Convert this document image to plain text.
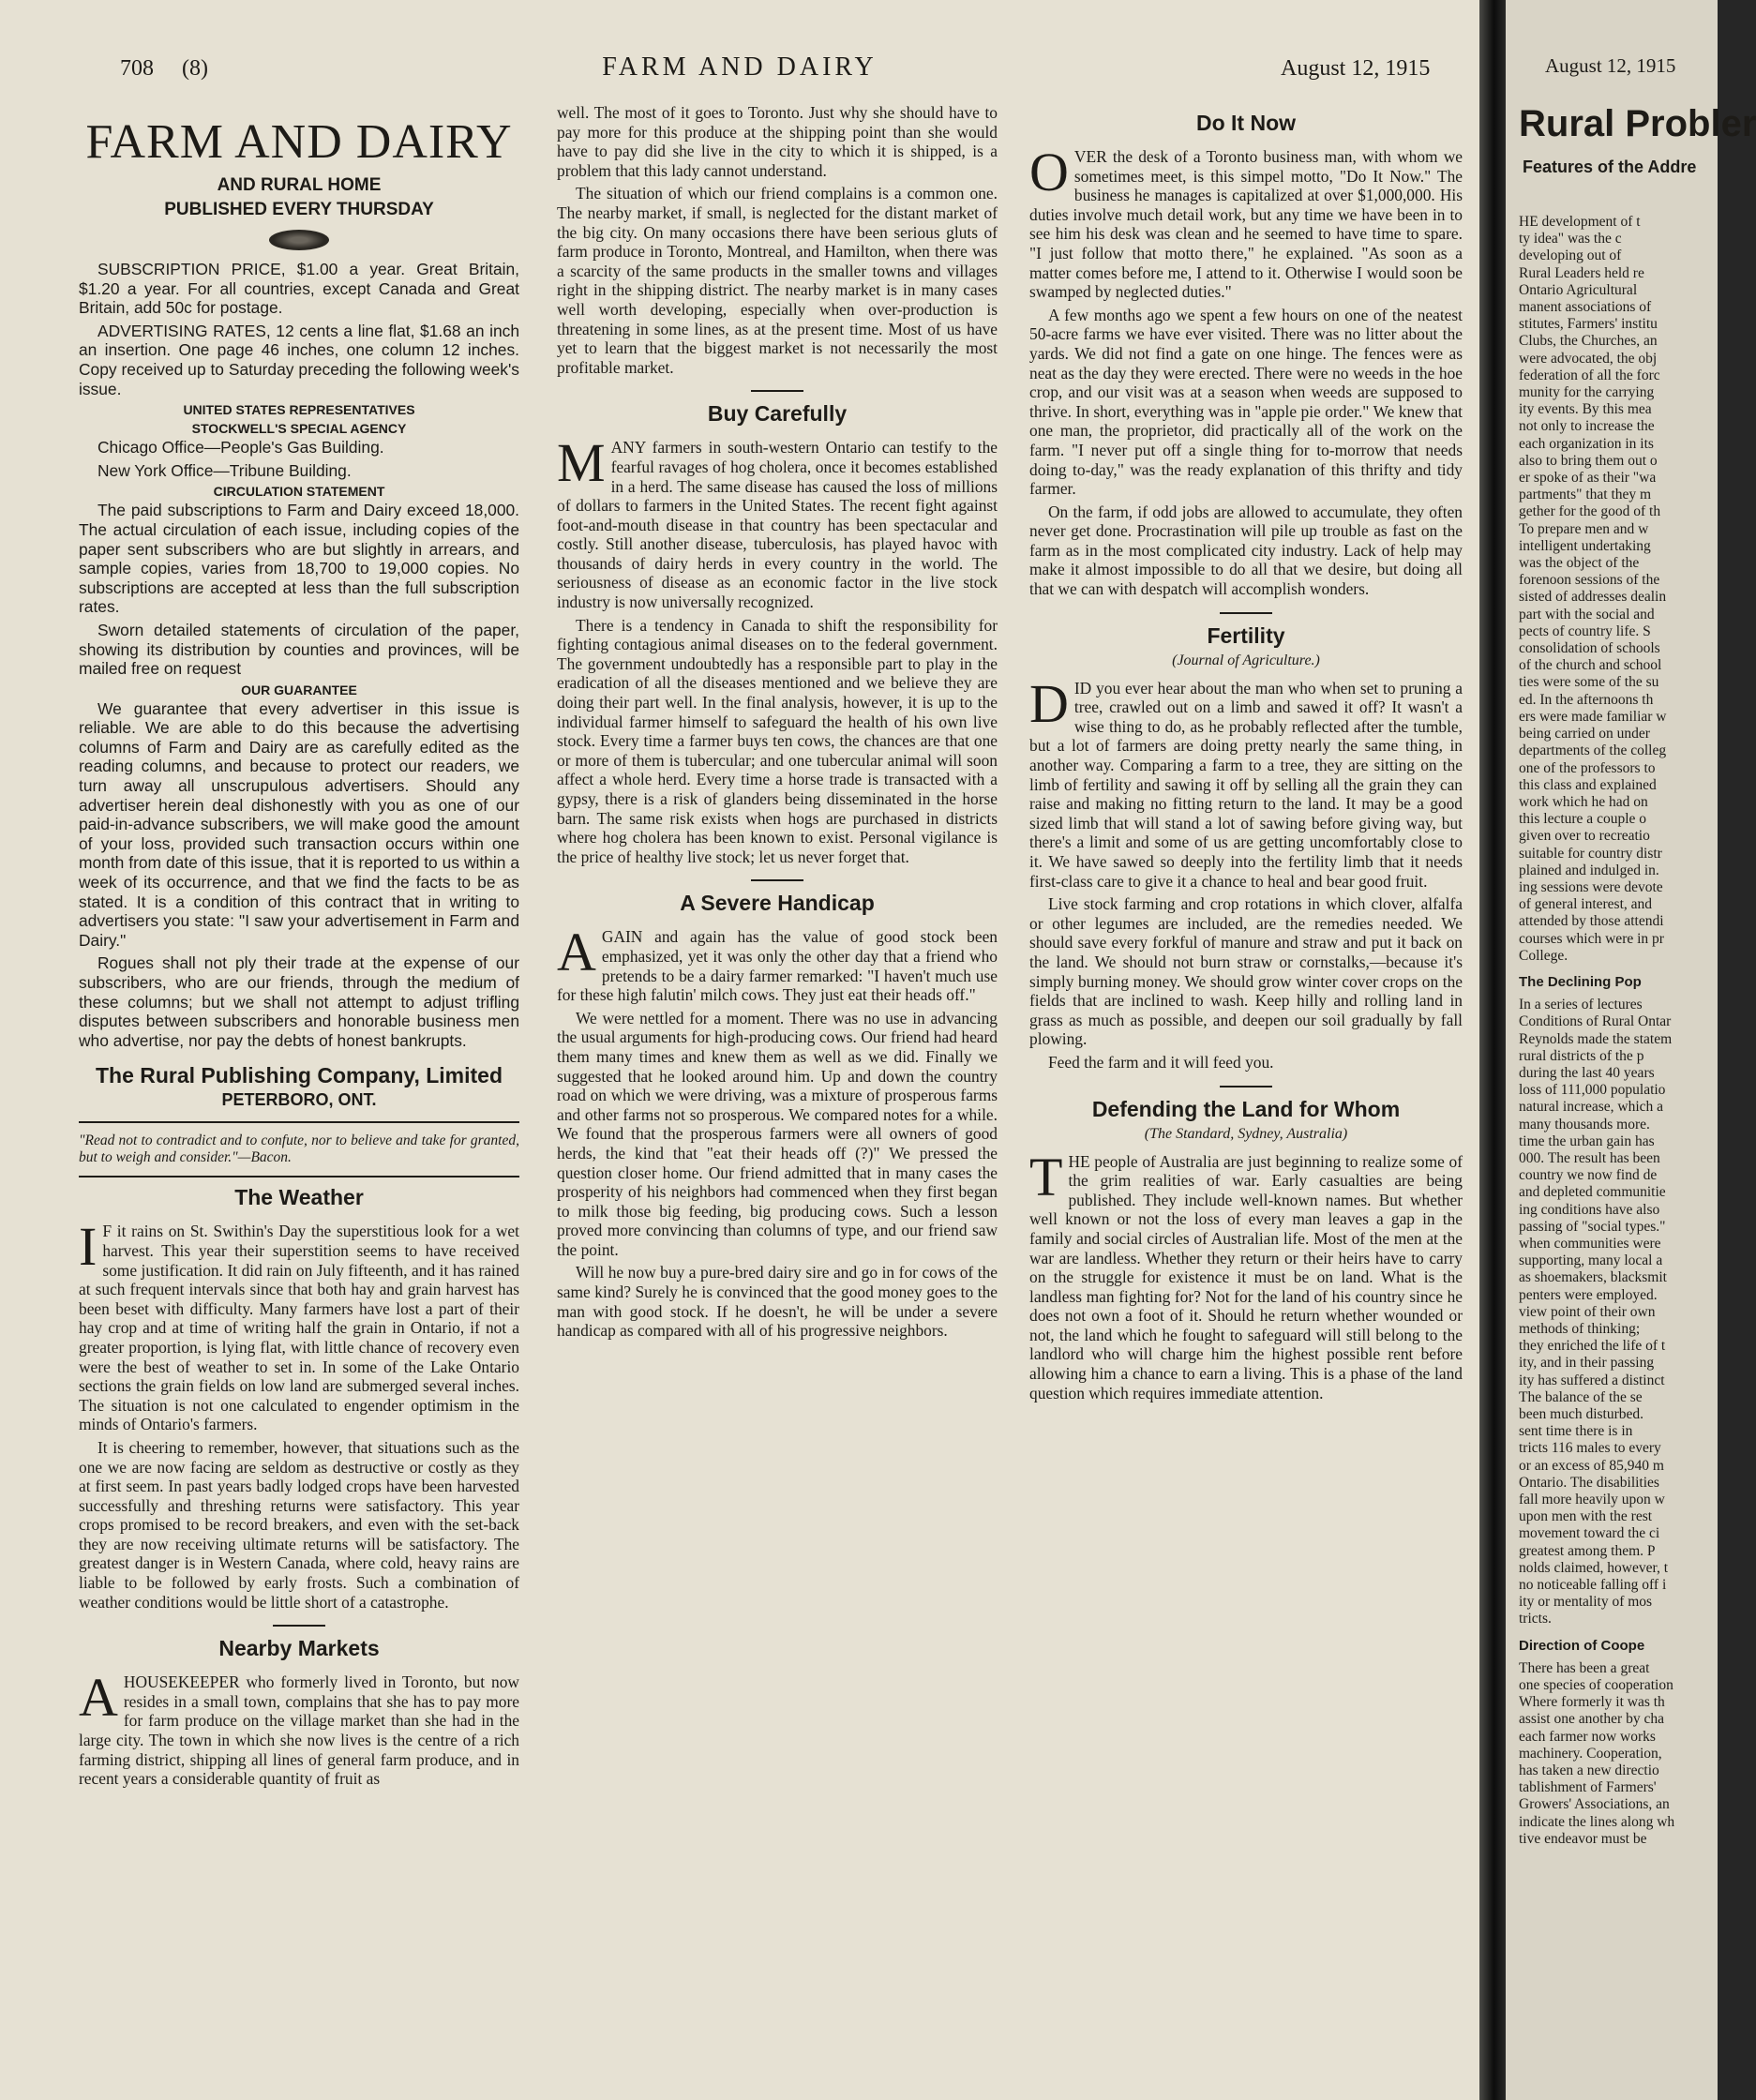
708 (8)	FARM AND DAIRY	August 12, 1915
FARM AND DAIRY
AND RURAL HOME
PUBLISHED EVERY THURSDAY

SUBSCRIPTION PRICE, $1.00 a year. Great Britain, $1.20 a year. For all countries, except Canada and Great Britain, add 50c for postage.

ADVERTISING RATES, 12 cents a line flat, $1.68 an inch an insertion. One page 46 inches, one column 12 inches. Copy received up to Saturday preceding the following week's issue.

UNITED STATES REPRESENTATIVES
STOCKWELL'S SPECIAL AGENCY

Chicago Office—People's Gas Building.

New York Office—Tribune Building.

CIRCULATION STATEMENT

The paid subscriptions to Farm and Dairy exceed 18,000. The actual circulation of each issue, including copies of the paper sent subscribers who are but slightly in arrears, and sample copies, varies from 18,700 to 19,000 copies. No subscriptions are accepted at less than the full subscription rates.

Sworn detailed statements of circulation of the paper, showing its distribution by counties and provinces, will be mailed free on request

OUR GUARANTEE

We guarantee that every advertiser in this issue is reliable. We are able to do this because the advertising columns of Farm and Dairy are as carefully edited as the reading columns, and because to protect our readers, we turn away all unscrupulous advertisers. Should any advertiser herein deal dishonestly with you as one of our paid-in-advance subscribers, we will make good the amount of your loss, provided such transaction occurs within one month from date of this issue, that it is reported to us within a week of its occurrence, and that we find the facts to be as stated. It is a condition of this contract that in writing to advertisers you state: "I saw your advertisement in Farm and Dairy."

Rogues shall not ply their trade at the expense of our subscribers, who are our friends, through the medium of these columns; but we shall not attempt to adjust trifling disputes between subscribers and honorable business men who advertise, nor pay the debts of honest bankrupts.

The Rural Publishing Company, Limited
PETERBORO, ONT.
"Read not to contradict and to confute, nor to believe and take for granted, but to weigh and consider."—Bacon.
The Weather

I F it rains on St. Swithin's Day the superstitious look for a wet harvest. This year their superstition seems to have received some justification. It did rain on July fifteenth, and it has rained at such frequent intervals since that both hay and grain harvest has been beset with difficulty. Many farmers have lost a part of their hay crop and at time of writing half the grain in Ontario, if not a greater proportion, is lying flat, with little chance of recovery even were the best of weather to set in. In some of the Lake Ontario sections the grain fields on low land are submerged several inches. The situation is not one calculated to engender optimism in the minds of Ontario's farmers.

It is cheering to remember, however, that situations such as the one we are now facing are seldom as destructive or costly as they at first seem. In past years badly lodged crops have been harvested successfully and threshing returns were satisfactory. This year crops promised to be record breakers, and even with the set-back they are now receiving ultimate returns will be satisfactory. The greatest danger is in Western Canada, where cold, heavy rains are liable to be followed by early frosts. Such a combination of weather conditions would be little short of a catastrophe.

Nearby Markets

AHOUSEKEEPER who formerly lived in Toronto, but now resides in a small town, complains that she has to pay more for farm produce on the village market than she had in the large city. The town in which she now lives is the centre of a rich farming district, shipping all lines of general farm produce, and in recent years a considerable quantity of fruit as

well. The most of it goes to Toronto. Just why she should have to pay more for this produce at the shipping point than she would have to pay did she live in the city to which it is shipped, is a problem that this lady cannot understand.

The situation of which our friend complains is a common one. The nearby market, if small, is neglected for the distant market of the big city. On many occasions there have been serious gluts of farm produce in Toronto, Montreal, and Hamilton, when there was a scarcity of the same products in the smaller towns and villages right in the shipping district. The nearby market is in many cases well worth developing, especially when over-production is threatening in some lines, as at the present time. Most of us have yet to learn that the biggest market is not necessarily the most profitable market.

Buy Carefully

MANY farmers in south-western Ontario can testify to the fearful ravages of hog cholera, once it becomes established in a herd. The same disease has caused the loss of millions of dollars to farmers in the United States. The recent fight against foot-and-mouth disease in that country has been spectacular and costly. Still another disease, tuberculosis, has played havoc with thousands of dairy herds in every country in the world. The seriousness of disease as an economic factor in the live stock industry is now universally recognized.

There is a tendency in Canada to shift the responsibility for fighting contagious animal diseases on to the federal government. The government undoubtedly has a responsible part to play in the eradication of all the diseases mentioned and we believe they are doing their part well. In the final analysis, however, it is up to the individual farmer himself to safeguard the health of his own live stock. Every time a farmer buys ten cows, the chances are that one or more of them is tubercular; and one tubercular animal will soon affect a whole herd. Every time a horse trade is transacted with a gypsy, there is a risk of glanders being disseminated in the horse barn. The same risk exists when hogs are purchased in districts where hog cholera has been known to exist. Personal vigilance is the price of healthy live stock; let us never forget that.

A Severe Handicap

AGAIN and again has the value of good stock been emphasized, yet it was only the other day that a friend who pretends to be a dairy farmer remarked: "I haven't much use for these high falutin' milch cows. They just eat their heads off."

We were nettled for a moment. There was no use in advancing the usual arguments for high-producing cows. Our friend had heard them many times and knew them as well as we did. Finally we suggested that he looked around him. Up and down the country road on which we were driving, was a mixture of prosperous farms and other farms not so prosperous. We compared notes for a while. We found that the prosperous farmers were all owners of good herds, the kind that "eat their heads off (?)" We pressed the question closer home. Our friend admitted that in many cases the prosperity of his neighbors had commenced when they first began to milk those big feeding, big producing cows. Such a lesson proved more convincing than columns of type, and our friend saw the point.

Will he now buy a pure-bred dairy sire and go in for cows of the same kind? Surely he is convinced that the good money goes to the man with good stock. If he doesn't, he will be under a severe handicap as compared with all of his progressive neighbors.

Do It Now

OVER the desk of a Toronto business man, with whom we sometimes meet, is this simpel motto, "Do It Now." The business he manages is capitalized at over $1,000,000. His duties involve much detail work, but any time we have been in to see him his desk was clean and he seemed to have time to spare. "I just follow that motto there," he explained. "As soon as a matter comes before me, I attend to it. Otherwise I would soon be swamped by neglected duties."

A few months ago we spent a few hours on one of the neatest 50-acre farms we have ever visited. There was no litter about the yards. We did not find a gate on one hinge. The fences were as neat as the day they were erected. There were no weeds in the hoe crop, and our visit was at a season when weeds are supposed to thrive. In short, everything was in "apple pie order." We knew that one man, the proprietor, did practically all of the work on the farm. "I never put off a single thing for to-morrow that needs doing to-day," was the ready explanation of this thrifty and tidy farmer.

On the farm, if odd jobs are allowed to accumulate, they often never get done. Procrastination will pile up trouble as fast on the farm as in the most complicated city industry. Lack of help may make it almost impossible to do all that we desire, but doing all that we can with despatch will accomplish wonders.

Fertility
(Journal of Agriculture.)

DID you ever hear about the man who when set to pruning a tree, crawled out on a limb and sawed it off? It wasn't a wise thing to do, as he probably reflected after the tumble, but a lot of farmers are doing pretty nearly the same thing, in another way. Comparing a farm to a tree, they are sitting on the limb of fertility and sawing it off by selling all the grain they can raise and making no fitting return to the land. It may be a good sized limb that will stand a lot of sawing before giving way, but there's a limit and some of us are getting uncomfortably close to it. We have sawed so deeply into the fertility limb that it needs first-class care to give it a chance to heal and bear good fruit.

Live stock farming and crop rotations in which clover, alfalfa or other legumes are included, are the remedies needed. We should save every forkful of manure and straw and put it back on the land. We should not burn straw or cornstalks,—because it's simply burning money. We should grow winter cover crops on the fields that are inclined to wash. Keep hilly and rolling land in grass as much as possible, and deepen our soil gradually by fall plowing.

Feed the farm and it will feed you.

Defending the Land for Whom
(The Standard, Sydney, Australia)

THE people of Australia are just beginning to realize some of the grim realities of war. Early casualties are being published. They include well-known names. But whether well known or not the loss of every man leaves a gap in the family and social circles of Australian life. Most of the men at the war are landless. Whether they return or their heirs have to carry on the struggle for existence it must be on land. What is the landless man fighting for? Not for the land of his country since he does not own a foot of it. Should he return whether wounded or not, the land which he fought to safeguard will still belong to the landlord who will charge him the highest possible rent before allowing him a chance to earn a living. This is a phase of the land question which requires immediate attention.

August 12, 1915
Rural Probler
Features of the Addre

HE development of t

ty idea" was the c

developing out of

Rural Leaders held re

Ontario Agricultural

manent associations of

stitutes, Farmers' institu

Clubs, the Churches, an

were advocated, the obj

federation of all the forc

munity for the carrying

ity events. By this mea

not only to increase the

each organization in its

also to bring them out o

er spoke of as their "wa

partments" that they m

gether for the good of th

To prepare men and w

intelligent undertaking

was the object of the

forenoon sessions of the

sisted of addresses dealin

part with the social and

pects of country life. S

consolidation of schools

of the church and school

ties were some of the su

ed. In the afternoons th

ers were made familiar w

being carried on under

departments of the colleg

one of the professors to

this class and explained

work which he had on

this lecture a couple o

given over to recreatio

suitable for country distr

plained and indulged in.

ing sessions were devote

of general interest, and

attended by those attendi

courses which were in pr

College.

The Declining Pop

In a series of lectures

Conditions of Rural Ontar

Reynolds made the statem

rural districts of the p

during the last 40 years

loss of 111,000 populatio

natural increase, which a

many thousands more.

time the urban gain has

000. The result has been

country we now find de

and depleted communitie

ing conditions have also

passing of "social types."

when communities were

supporting, many local a

as shoemakers, blacksmit

penters were employed.

view point of their own

methods of thinking;

they enriched the life of t

ity, and in their passing

ity has suffered a distinct

The balance of the se

been much disturbed.

sent time there is in

tricts 116 males to every

or an excess of 85,940 m

Ontario. The disabilities

fall more heavily upon w

upon men with the rest

movement toward the ci

greatest among them. P

nolds claimed, however, t

no noticeable falling off i

ity or mentality of mos

tricts.

Direction of Coope

There has been a great

one species of cooperation

Where formerly it was th

assist one another by cha

each farmer now works

machinery. Cooperation,

has taken a new directio

tablishment of Farmers'

Growers' Associations, an

indicate the lines along wh

tive endeavor must be
